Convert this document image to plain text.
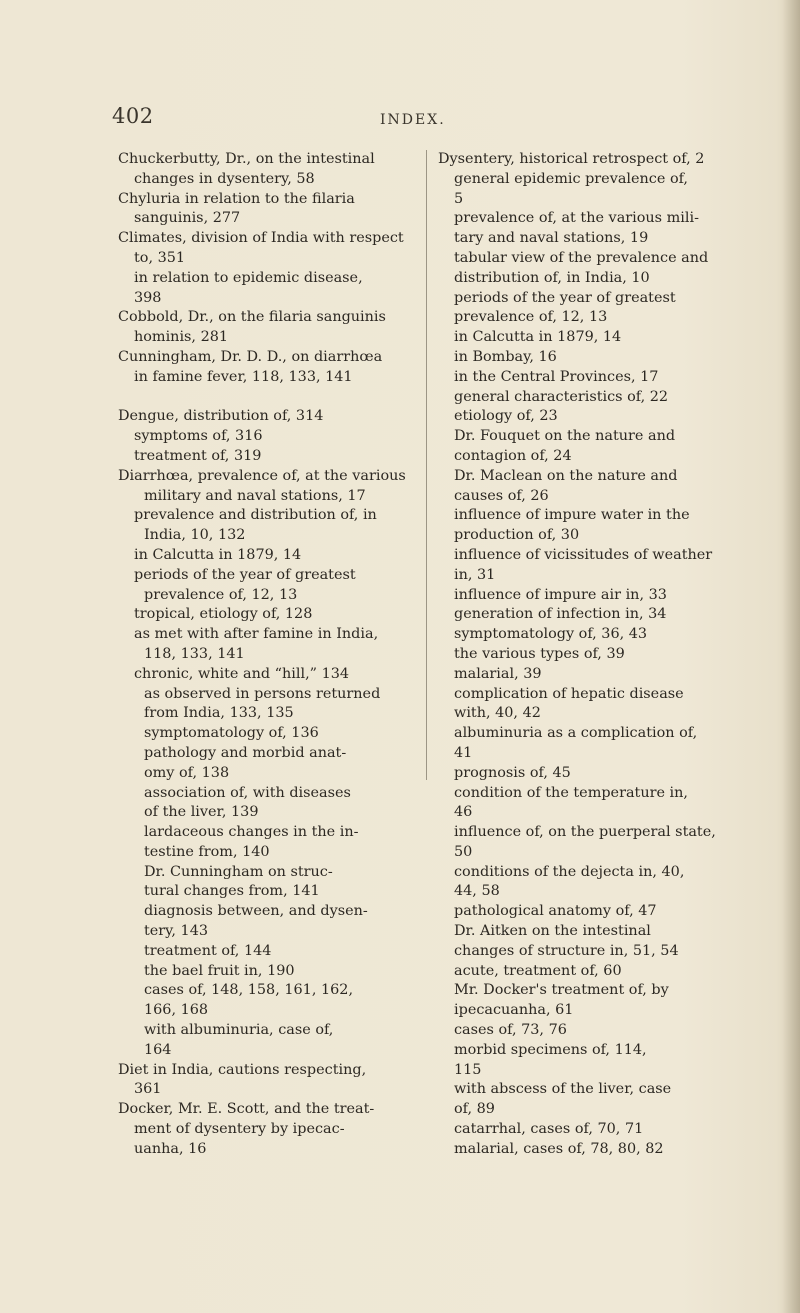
402	INDEX.
Chuckerbutty, Dr., on the intestinal
changes in dysentery, 58
Chyluria in relation to the filaria
sanguinis, 277
Climates, division of India with respect
to, 351
in relation to epidemic disease,
398
Cobbold, Dr., on the filaria sanguinis
hominis, 281
Cunningham, Dr. D. D., on diarrhœa
in famine fever, 118, 133, 141
Dengue, distribution of, 314
symptoms of, 316
treatment of, 319
Diarrhœa, prevalence of, at the various
military and naval stations, 17
prevalence and distribution of, in
India, 10, 132
in Calcutta in 1879, 14
periods of the year of greatest
prevalence of, 12, 13
tropical, etiology of, 128
as met with after famine in India,
118, 133, 141
chronic, white and “hill,” 134
as observed in persons returned
from India, 133, 135
symptomatology of, 136
pathology and morbid anat-
omy of, 138
association of, with diseases
of the liver, 139
lardaceous changes in the in-
testine from, 140
Dr. Cunningham on struc-
tural changes from, 141
diagnosis between, and dysen-
tery, 143
treatment of, 144
the bael fruit in, 190
cases of, 148, 158, 161, 162,
166, 168
with albuminuria, case of,
164
Diet in India, cautions respecting,
361
Docker, Mr. E. Scott, and the treat-
ment of dysentery by ipecac-
uanha, 16
Dysentery, historical retrospect of, 2
general epidemic prevalence of,
5
prevalence of, at the various mili-
tary and naval stations, 19
tabular view of the prevalence and
distribution of, in India, 10
periods of the year of greatest
prevalence of, 12, 13
in Calcutta in 1879, 14
in Bombay, 16
in the Central Provinces, 17
general characteristics of, 22
etiology of, 23
Dr. Fouquet on the nature and
contagion of, 24
Dr. Maclean on the nature and
causes of, 26
influence of impure water in the
production of, 30
influence of vicissitudes of weather
in, 31
influence of impure air in, 33
generation of infection in, 34
symptomatology of, 36, 43
the various types of, 39
malarial, 39
complication of hepatic disease
with, 40, 42
albuminuria as a complication of,
41
prognosis of, 45
condition of the temperature in,
46
influence of, on the puerperal state,
50
conditions of the dejecta in, 40,
44, 58
pathological anatomy of, 47
Dr. Aitken on the intestinal
changes of structure in, 51, 54
acute, treatment of, 60
Mr. Docker's treatment of, by
ipecacuanha, 61
cases of, 73, 76
morbid specimens of, 114,
115
with abscess of the liver, case
of, 89
catarrhal, cases of, 70, 71
malarial, cases of, 78, 80, 82
